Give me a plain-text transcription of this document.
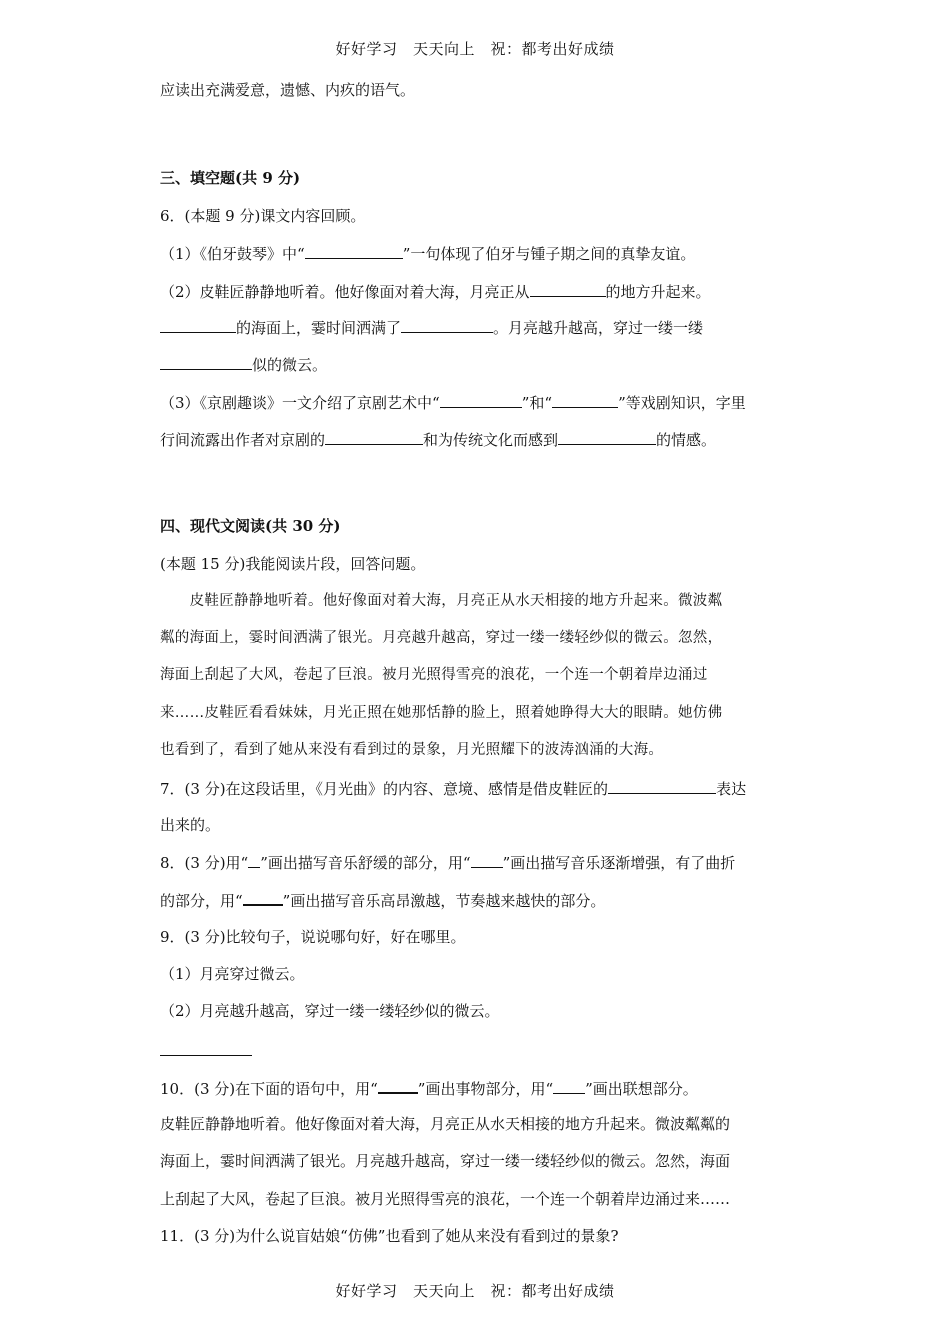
好好学习　天天向上　祝：都考出好成绩
应读出充满爱意，遗憾、内疚的语气。
三、填空题(共 9 分)
6．(本题 9 分)课文内容回顾。
（1）《伯牙鼓琴》中“	”一句体现了伯牙与锺子期之间的真挚友谊。
（2）皮鞋匠静静地听着。他好像面对着大海，月亮正从	的地方升起来。
的海面上，霎时间洒满了	。月亮越升越高，穿过一缕一缕
似的微云。
（3）《京剧趣谈》一文介绍了京剧艺术中“	”和“	”等戏剧知识，字里
行间流露出作者对京剧的	和为传统文化而感到	的情感。
四、现代文阅读(共 30 分)
(本题 15 分)我能阅读片段，回答问题。
　　皮鞋匠静静地听着。他好像面对着大海，月亮正从水天相接的地方升起来。微波粼
粼的海面上，霎时间洒满了银光。月亮越升越高，穿过一缕一缕轻纱似的微云。忽然，
海面上刮起了大风，卷起了巨浪。被月光照得雪亮的浪花，一个连一个朝着岸边涌过
来……皮鞋匠看看妹妹，月光正照在她那恬静的脸上，照着她睁得大大的眼睛。她仿佛
也看到了，看到了她从来没有看到过的景象，月光照耀下的波涛汹涌的大海。
7．(3 分)在这段话里，《月光曲》的内容、意境、感情是借皮鞋匠的	表达
出来的。
8．(3 分)用“ ”画出描写音乐舒缓的部分，用“ ”画出描写音乐逐渐增强，有了曲折
的部分，用“	”画出描写音乐高昂激越，节奏越来越快的部分。
9．(3 分)比较句子，说说哪句好，好在哪里。
（1）月亮穿过微云。
（2）月亮越升越高，穿过一缕一缕轻纱似的微云。
10．(3 分)在下面的语句中，用“	”画出事物部分，用“ ”画出联想部分。
皮鞋匠静静地听着。他好像面对着大海，月亮正从水天相接的地方升起来。微波粼粼的
海面上，霎时间洒满了银光。月亮越升越高，穿过一缕一缕轻纱似的微云。忽然，海面
上刮起了大风，卷起了巨浪。被月光照得雪亮的浪花，一个连一个朝着岸边涌过来……
11．(3 分)为什么说盲姑娘“仿佛”也看到了她从来没有看到过的景象?
好好学习　天天向上　祝：都考出好成绩
